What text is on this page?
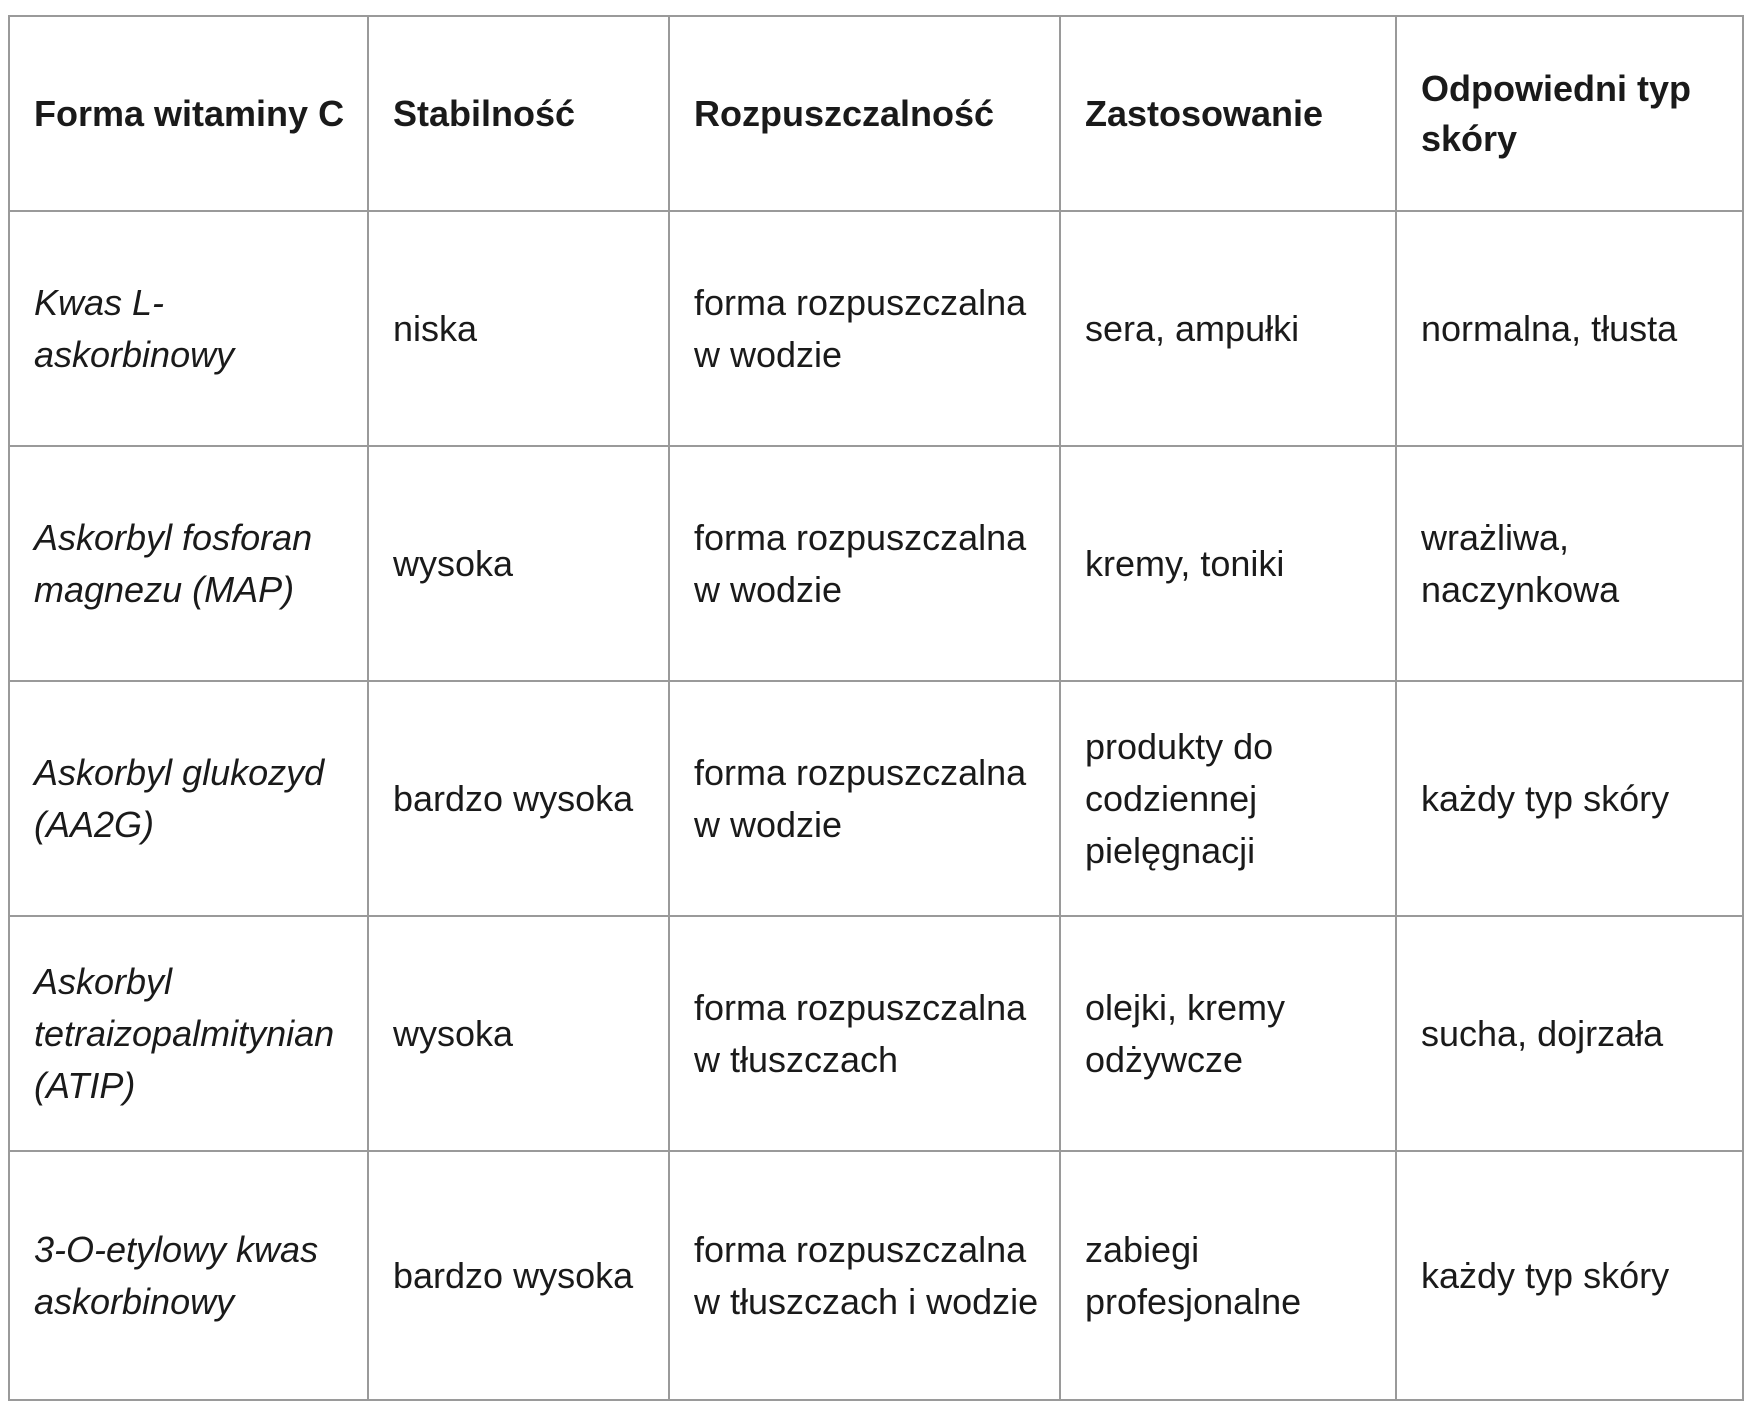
Forma witaminy C	Stabilność	Rozpuszczalność	Zastosowanie	Odpowiedni typ skóry
Kwas L-askorbinowy	niska	forma rozpuszczalna w wodzie	sera, ampułki	normalna, tłusta
Askorbyl fosforan magnezu (MAP)	wysoka	forma rozpuszczalna w wodzie	kremy, toniki	wrażliwa, naczynkowa
Askorbyl glukozyd (AA2G)	bardzo wysoka	forma rozpuszczalna w wodzie	produkty do codziennej pielęgnacji	każdy typ skóry
Askorbyl tetraizopalmitynian (ATIP)	wysoka	forma rozpuszczalna w tłuszczach	olejki, kremy odżywcze	sucha, dojrzała
3-O-etylowy kwas askorbinowy	bardzo wysoka	forma rozpuszczalna w tłuszczach i wodzie	zabiegi profesjonalne	każdy typ skóry
